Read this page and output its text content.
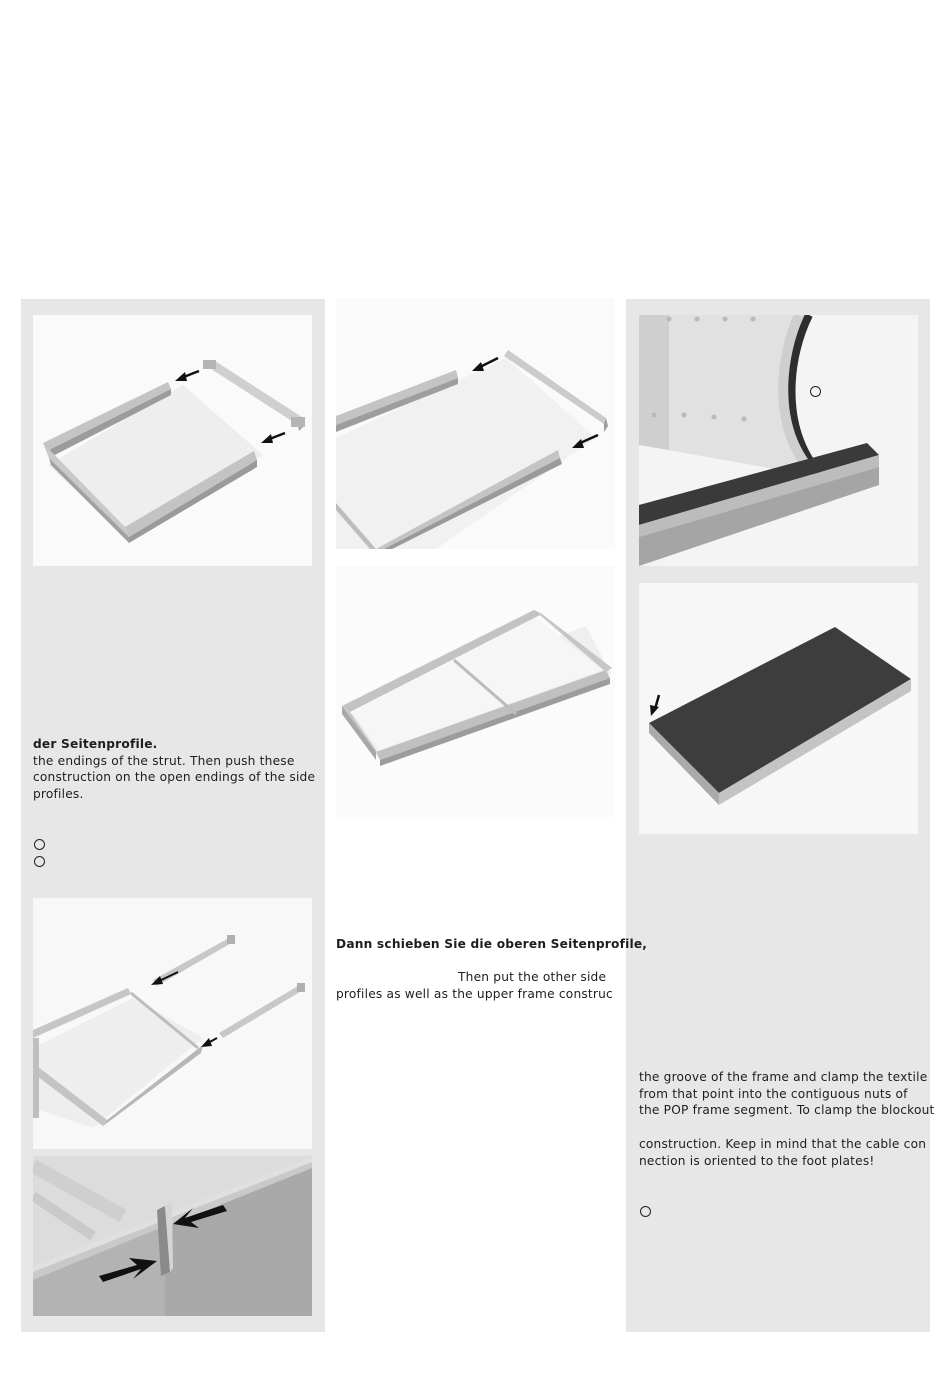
der Seitenprofile.

the endings of the strut. Then push these

construction on the open endings of the side

profiles.

Dann schieben Sie die oberen Seitenprofile,

Then put the other side

profiles as well as the upper frame construc

the groove of the frame and clamp the textile

from that point into the contiguous nuts of

the POP frame segment. To clamp the blockout

construction. Keep in mind that the cable con

nection is oriented to the foot plates!
